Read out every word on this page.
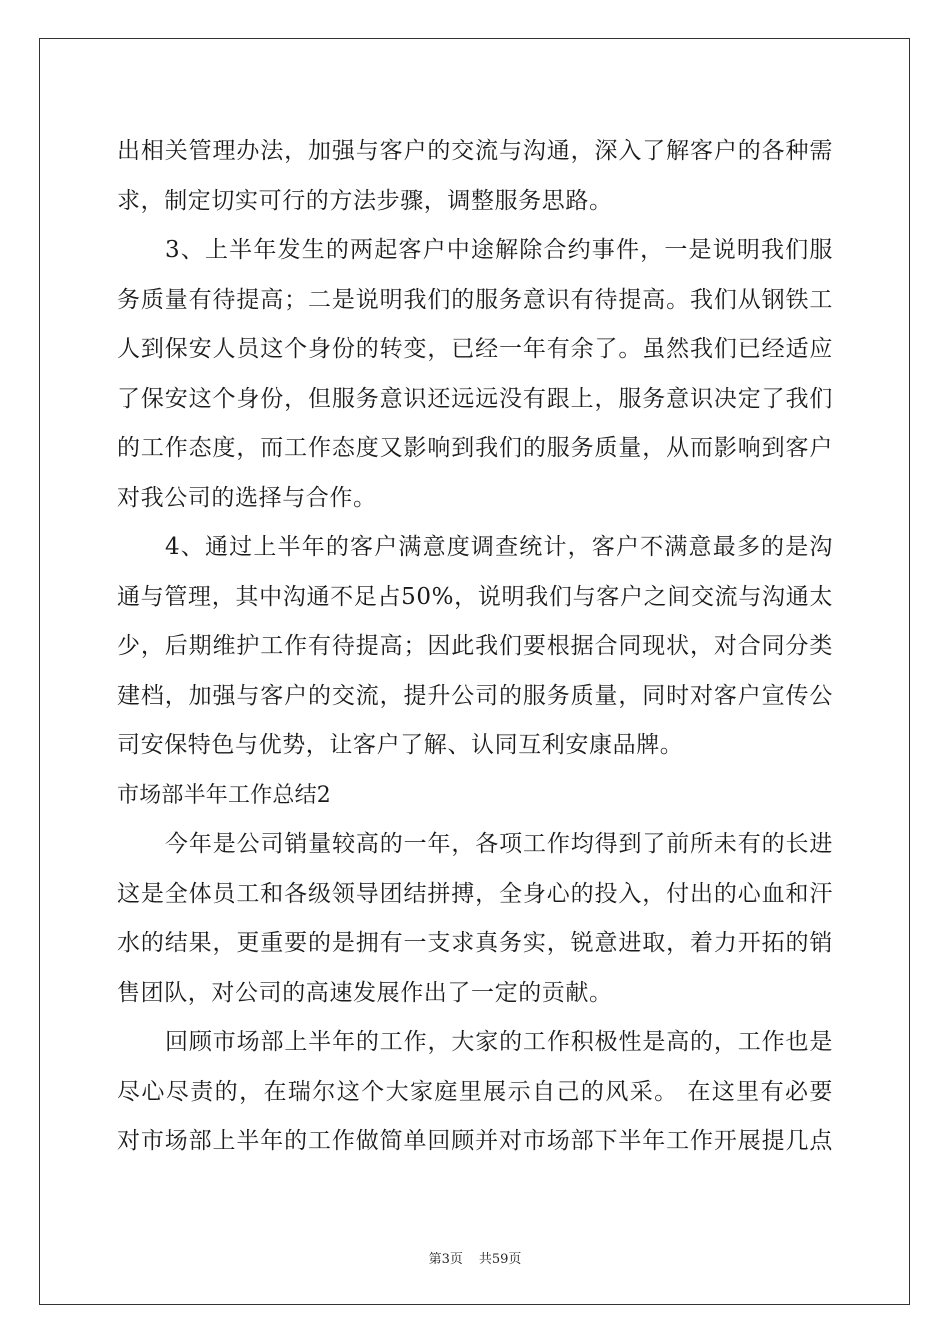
出相关管理办法，加强与客户的交流与沟通，深入了解客户的各种需
求，制定切实可行的方法步骤，调整服务思路。
3、上半年发生的两起客户中途解除合约事件，一是说明我们服
务质量有待提高；二是说明我们的服务意识有待提高。我们从钢铁工
人到保安人员这个身份的转变，已经一年有余了。虽然我们已经适应
了保安这个身份，但服务意识还远远没有跟上，服务意识决定了我们
的工作态度，而工作态度又影响到我们的服务质量，从而影响到客户
对我公司的选择与合作。
4、通过上半年的客户满意度调查统计，客户不满意最多的是沟
通与管理，其中沟通不足占50%，说明我们与客户之间交流与沟通太
少，后期维护工作有待提高；因此我们要根据合同现状，对合同分类
建档，加强与客户的交流，提升公司的服务质量，同时对客户宣传公
司安保特色与优势，让客户了解、认同互利安康品牌。
市场部半年工作总结2
今年是公司销量较高的一年，各项工作均得到了前所未有的长进
这是全体员工和各级领导团结拼搏，全身心的投入，付出的心血和汗
水的结果，更重要的是拥有一支求真务实，锐意进取，着力开拓的销
售团队，对公司的高速发展作出了一定的贡献。
回顾市场部上半年的工作，大家的工作积极性是高的，工作也是
尽心尽责的，在瑞尔这个大家庭里展示自己的风采。 在这里有必要
对市场部上半年的工作做简单回顾并对市场部下半年工作开展提几点
第3页 共59页
